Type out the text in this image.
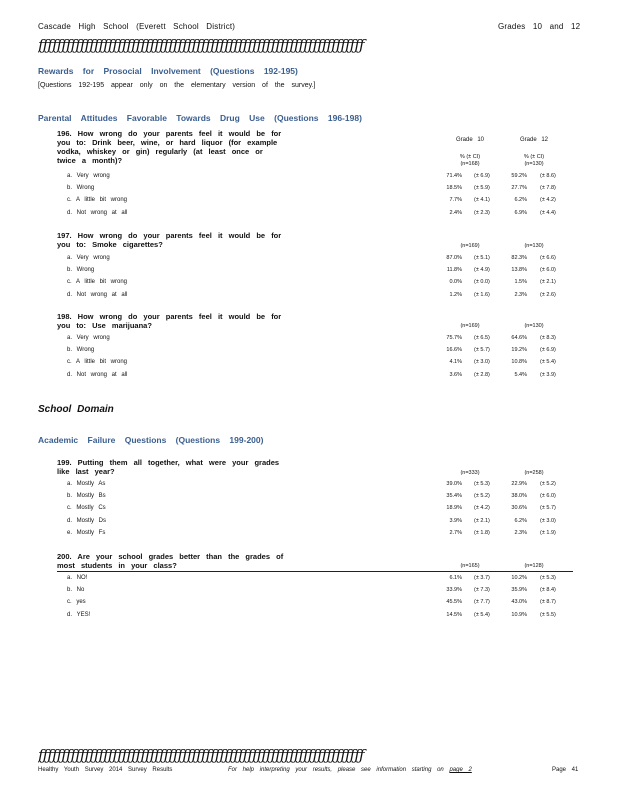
Cascade High School (Everett School District)	Grades 10 and 12
ƒƒƒƒƒƒƒƒƒƒƒƒƒƒƒƒƒƒƒƒƒƒƒƒƒƒƒƒƒƒƒƒƒƒƒƒƒƒƒƒƒƒƒƒƒƒƒƒƒƒƒƒƒƒƒƒƒƒƒƒƒƒƒƒƒƒƒƒƒƒ
Rewards for Prosocial Involvement (Questions 192-195)
[Questions 192-195 appear only on the elementary version of the survey.]
Parental Attitudes Favorable Towards Drug Use (Questions 196-198)
Grade 10	Grade 12
% (± CI)	% (± CI)
School Domain
Academic Failure Questions (Questions 199-200)
196. How wrong do your parents feel it would be for you to: Drink beer, wine, or hard liquor (for example vodka, whiskey or gin) regularly (at least once or twice a month)?	(n=168)	(n=130)
a. Very wrong	71.4% (± 6.9)	59.2% (± 8.6)
b. Wrong	18.5% (± 5.9)	27.7% (± 7.8)
c. A little bit wrong	7.7% (± 4.1)	6.2% (± 4.2)
d. Not wrong at all	2.4% (± 2.3)	6.9% (± 4.4)
197. How wrong do your parents feel it would be for you to: Smoke cigarettes?	(n=169)	(n=130)
a. Very wrong	87.0% (± 5.1)	82.3% (± 6.6)
b. Wrong	11.8% (± 4.9)	13.8% (± 6.0)
c. A little bit wrong	0.0% (± 0.0)	1.5% (± 2.1)
d. Not wrong at all	1.2% (± 1.6)	2.3% (± 2.6)
198. How wrong do your parents feel it would be for you to: Use marijuana?	(n=169)	(n=130)
a. Very wrong	75.7% (± 6.5)	64.6% (± 8.3)
b. Wrong	16.6% (± 5.7)	19.2% (± 6.9)
c. A little bit wrong	4.1% (± 3.0)	10.8% (± 5.4)
d. Not wrong at all	3.6% (± 2.8)	5.4% (± 3.9)
199. Putting them all together, what were your grades like last year?	(n=333)	(n=258)
a. Mostly As	39.0% (± 5.3)	22.9% (± 5.2)
b. Mostly Bs	35.4% (± 5.2)	38.0% (± 6.0)
c. Mostly Cs	18.9% (± 4.2)	30.6% (± 5.7)
d. Mostly Ds	3.9% (± 2.1)	6.2% (± 3.0)
e. Mostly Fs	2.7% (± 1.8)	2.3% (± 1.9)
200. Are your school grades better than the grades of most students in your class?	(n=165)	(n=128)
a. NO!	6.1% (± 3.7)	10.2% (± 5.3)
b. No	33.9% (± 7.3)	35.9% (± 8.4)
c. yes	45.5% (± 7.7)	43.0% (± 8.7)
d. YES!	14.5% (± 5.4)	10.9% (± 5.5)
ƒƒƒƒƒƒƒƒƒƒƒƒƒƒƒƒƒƒƒƒƒƒƒƒƒƒƒƒƒƒƒƒƒƒƒƒƒƒƒƒƒƒƒƒƒƒƒƒƒƒƒƒƒƒƒƒƒƒƒƒƒƒƒƒƒƒƒƒƒƒ
Healthy Youth Survey 2014 Survey Results	For help interpreting your results, please see information starting on page 2	Page 41
